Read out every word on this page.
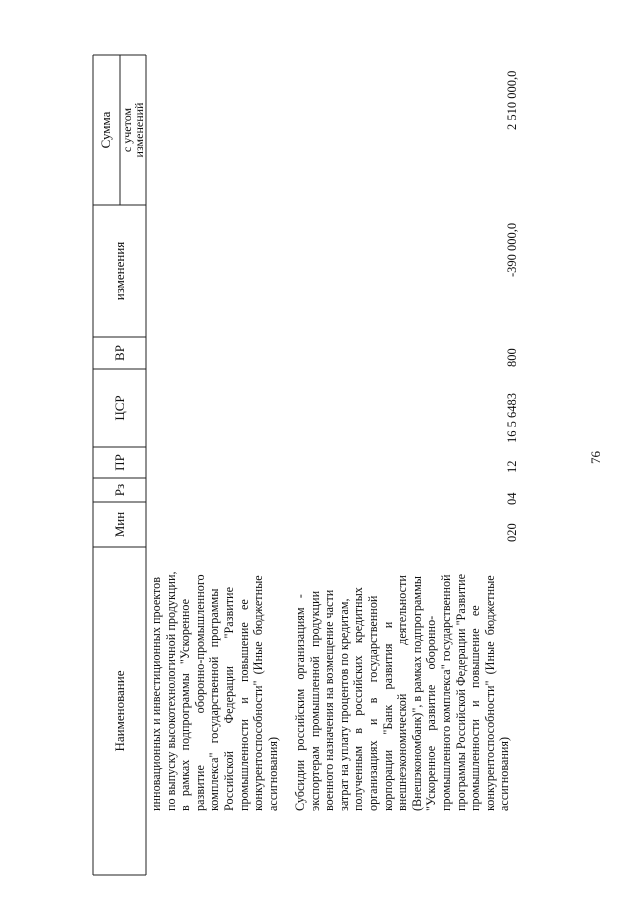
76
Наименование
Мин
Рз
ПР
ЦСР
ВР
Сумма
изменения
с учетом
изменений
инновационных и инвестиционных проектов по выпуску высокотехнологичной продукции, в   рамках   подпрограммы   "Ускоренное развитие                 оборонно-промышленного комплекса"   государственной   программы Российской         Федерации         "Развитие промышленности     и     повышение    ее конкурентоспособности"  (Иные  бюджетные ассигнования) Субсидии   российским   организациям   - экспортерам   промышленной   продукции военного назначения на возмещение части затрат на уплату процентов по кредитам, полученным    в    российских    кредитных организациях     и     в     государственной корпорации     "Банк     развития     и внешнеэкономической                деятельности (Внешэкономбанк)", в рамках подпрограммы "Ускоренное     развитие     оборонно- промышленного комплекса" государственной программы Российской Федерации "Развитие промышленности    и    повышение    ее конкурентоспособности"  (Иные  бюджетные ассигнования)
020
04
12
16 5 6483
800
-390 000,0
2 510 000,0
